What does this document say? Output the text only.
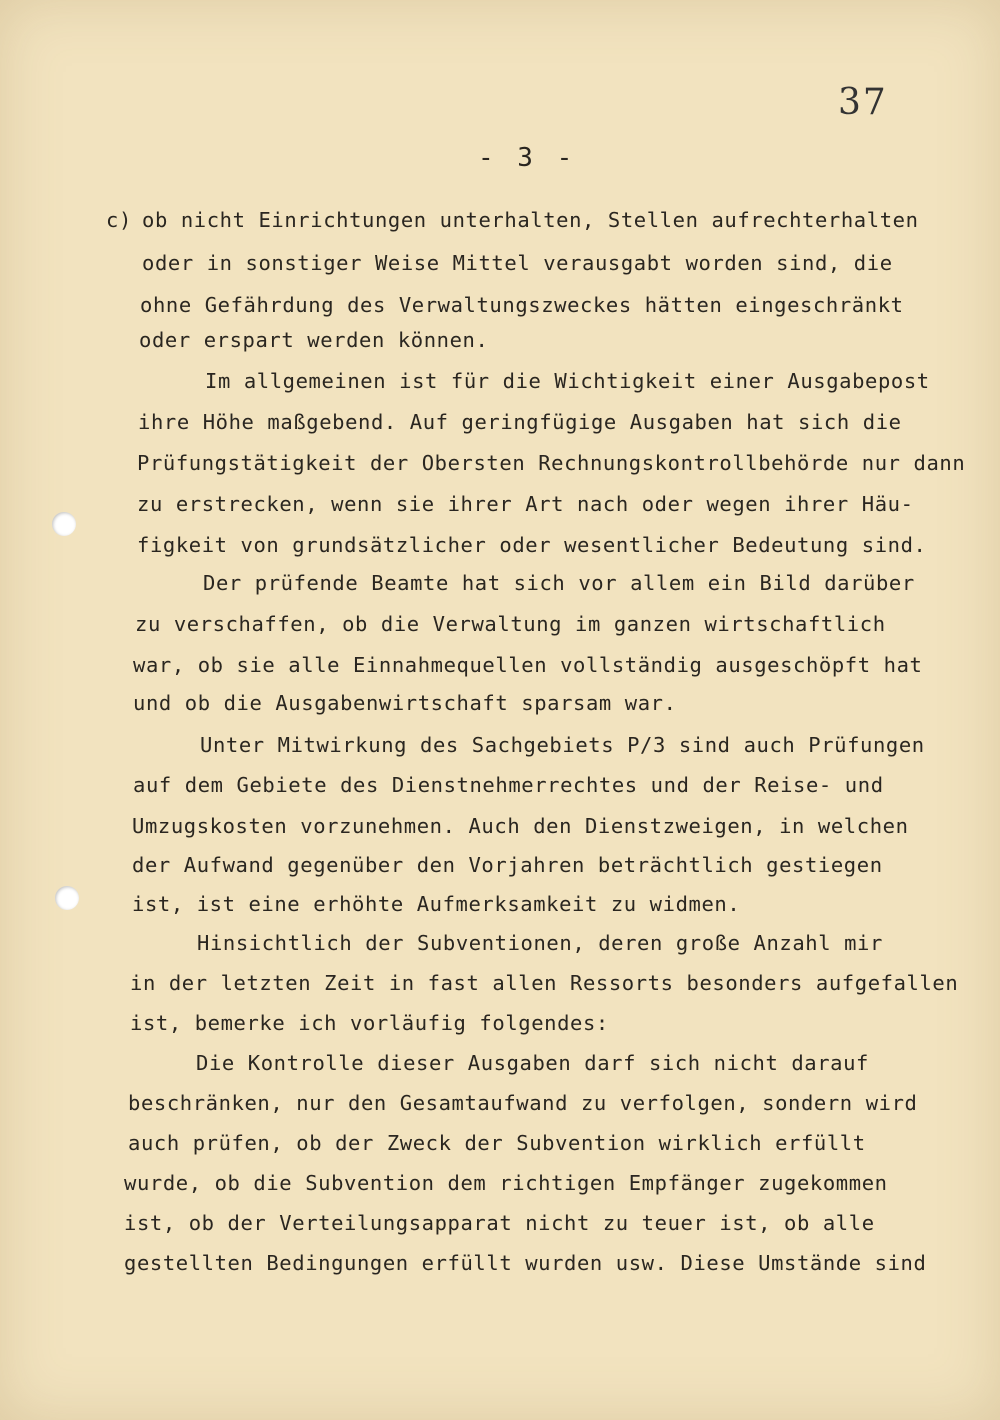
37
- 3 -
c) ob nicht Einrichtungen unterhalten, Stellen aufrechterhalten
oder in sonstiger Weise Mittel verausgabt worden sind, die
ohne Gefährdung des Verwaltungszweckes hätten eingeschränkt
oder erspart werden können.
Im allgemeinen ist für die Wichtigkeit einer Ausgabepost
ihre Höhe maßgebend. Auf geringfügige Ausgaben hat sich die
Prüfungstätigkeit der Obersten Rechnungskontrollbehörde nur dann
zu erstrecken, wenn sie ihrer Art nach oder wegen ihrer Häu-
figkeit von grundsätzlicher oder wesentlicher Bedeutung sind.
Der prüfende Beamte hat sich vor allem ein Bild darüber
zu verschaffen, ob die Verwaltung im ganzen wirtschaftlich
war, ob sie alle Einnahmequellen vollständig ausgeschöpft hat
und ob die Ausgabenwirtschaft sparsam war.
Unter Mitwirkung des Sachgebiets P/3 sind auch Prüfungen
auf dem Gebiete des Dienstnehmerrechtes und der Reise- und
Umzugskosten vorzunehmen. Auch den Dienstzweigen, in welchen
der Aufwand gegenüber den Vorjahren beträchtlich gestiegen
ist, ist eine erhöhte Aufmerksamkeit zu widmen.
Hinsichtlich der Subventionen, deren große Anzahl mir
in der letzten Zeit in fast allen Ressorts besonders aufgefallen
ist, bemerke ich vorläufig folgendes:
Die Kontrolle dieser Ausgaben darf sich nicht darauf
beschränken, nur den Gesamtaufwand zu verfolgen, sondern wird
auch prüfen, ob der Zweck der Subvention wirklich erfüllt
wurde, ob die Subvention dem richtigen Empfänger zugekommen
ist, ob der Verteilungsapparat nicht zu teuer ist, ob alle
gestellten Bedingungen erfüllt wurden usw. Diese Umstände sind
